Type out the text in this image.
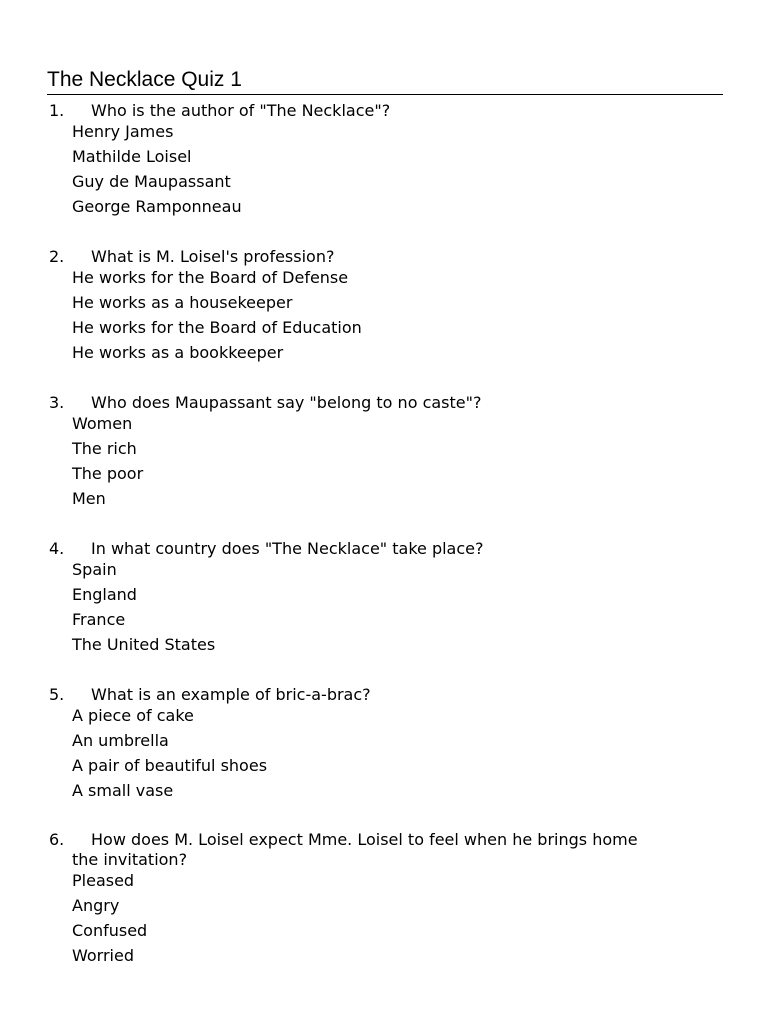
The Necklace Quiz 1
1. Who is the author of "The Necklace"?
Henry James
Mathilde Loisel
Guy de Maupassant
George Ramponneau
2. What is M. Loisel's profession?
He works for the Board of Defense
He works as a housekeeper
He works for the Board of Education
He works as a bookkeeper
3. Who does Maupassant say "belong to no caste"?
Women
The rich
The poor
Men
4. In what country does "The Necklace" take place?
Spain
England
France
The United States
5. What is an example of bric-a-brac?
A piece of cake
An umbrella
A pair of beautiful shoes
A small vase
6. How does M. Loisel expect Mme. Loisel to feel when he brings home
the invitation?
Pleased
Angry
Confused
Worried
